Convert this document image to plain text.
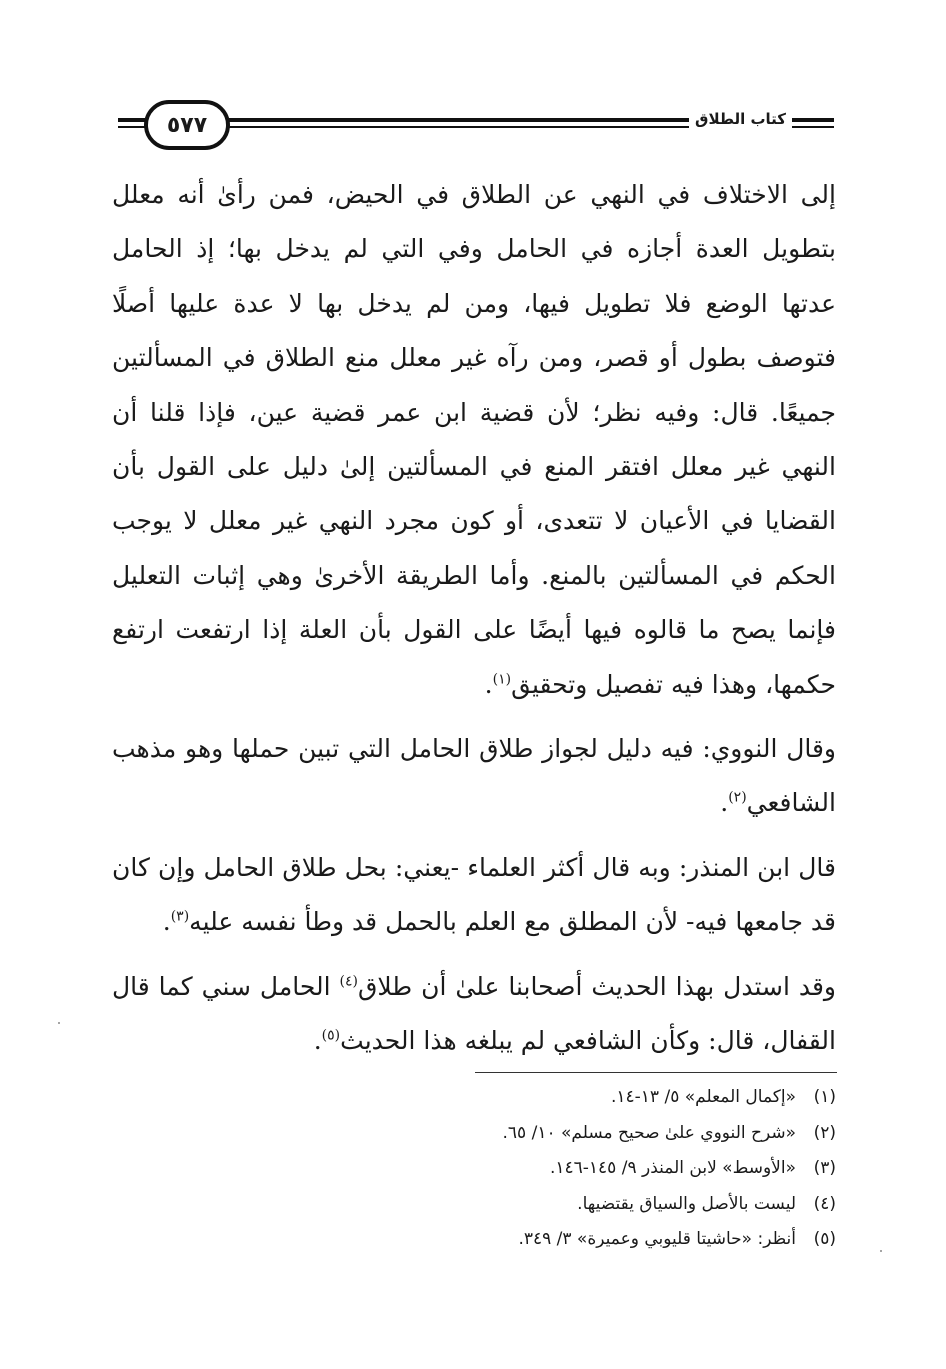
٥٧٧	كتاب الطلاق

إلى الاختلاف في النهي عن الطلاق في الحيض، فمن رأىٰ أنه معلل بتطويل العدة أجازه في الحامل وفي التي لم يدخل بها؛ إذ الحامل عدتها الوضع فلا تطويل فيها، ومن لم يدخل بها لا عدة عليها أصلًا فتوصف بطول أو قصر، ومن رآه غير معلل منع الطلاق في المسألتين جميعًا. قال: وفيه نظر؛ لأن قضية ابن عمر قضية عين، فإذا قلنا أن النهي غير معلل افتقر المنع في المسألتين إلىٰ دليل على القول بأن القضايا في الأعيان لا تتعدى، أو كون مجرد النهي غير معلل لا يوجب الحكم في المسألتين بالمنع. وأما الطريقة الأخرىٰ وهي إثبات التعليل فإنما يصح ما قالوه فيها أيضًا على القول بأن العلة إذا ارتفعت ارتفع حكمها، وهذا فيه تفصيل وتحقيق$^{(١)}$.

وقال النووي: فيه دليل لجواز طلاق الحامل التي تبين حملها وهو مذهب الشافعي$^{(٢)}$.

قال ابن المنذر: وبه قال أكثر العلماء -يعني: بحل طلاق الحامل وإن كان قد جامعها فيه- لأن المطلق مع العلم بالحمل قد وطأ نفسه عليه$^{(٣)}$.

وقد استدل بهذا الحديث أصحابنا علىٰ أن طلاق$^{(٤)}$ الحامل سني كما قال القفال، قال: وكأن الشافعي لم يبلغه هذا الحديث$^{(٥)}$.

(١)«إكمال المعلم» ٥/ ١٣-١٤.

(٢)«شرح النووي علىٰ صحيح مسلم» ١٠/ ٦٥.

(٣)«الأوسط» لابن المنذر ٩/ ١٤٥-١٤٦.

(٤)ليست بالأصل والسياق يقتضيها.

(٥)أنظر: «حاشيتا قليوبي وعميرة» ٣/ ٣٤٩.
